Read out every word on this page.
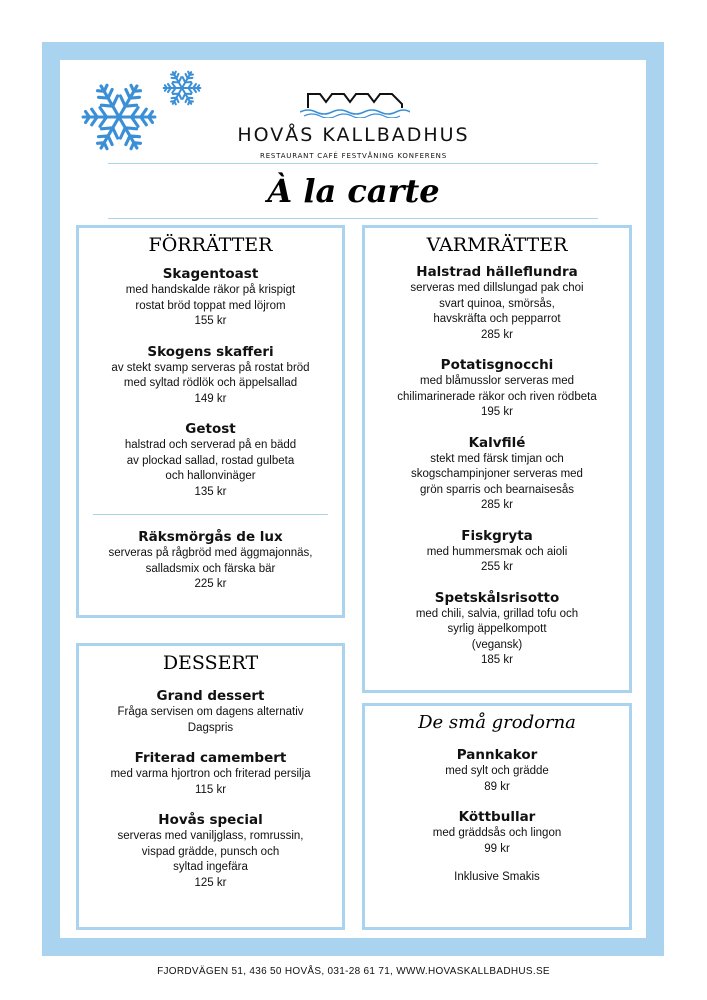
HOVÅS KALLBADHUS
RESTAURANT CAFÉ FESTVÅNING KONFERENS
À la carte
FÖRRÄTTER
Skagentoast
med handskalde räkor på krispigt
rostat bröd toppat med löjrom
155 kr
Skogens skafferi
av stekt svamp serveras på rostat bröd
med syltad rödlök och äppelsallad
149 kr
Getost
halstrad och serverad på en bädd
av plockad sallad, rostad gulbeta
och hallonvinäger
135 kr
Räksmörgås de lux
serveras på rågbröd med äggmajonnäs,
salladsmix och färska bär
225 kr
VARMRÄTTER
Halstrad hälleflundra
serveras med dillslungad pak choi
svart quinoa, smörsås,
havskräfta och pepparrot
285 kr
Potatisgnocchi
med blåmusslor serveras med
chilimarinerade räkor och riven rödbeta
195 kr
Kalvfilé
stekt med färsk timjan och
skogschampinjoner serveras med
grön sparris och bearnaisesås
285 kr
Fiskgryta
med hummersmak och aioli
255 kr
Spetskålsrisotto
med chili, salvia, grillad tofu och
syrlig äppelkompott
(vegansk)
185 kr
DESSERT
Grand dessert
Fråga servisen om dagens alternativ
Dagspris
Friterad camembert
med varma hjortron och friterad persilja
115 kr
Hovås special
serveras med vaniljglass, romrussin,
vispad grädde, punsch och
syltad ingefära
125 kr
De små grodorna
Pannkakor
med sylt och grädde
89 kr
Köttbullar
med gräddsås och lingon
99 kr
Inklusive Smakis
FJORDVÄGEN 51, 436 50 HOVÅS, 031-28 61 71, WWW.HOVASKALLBADHUS.SE
